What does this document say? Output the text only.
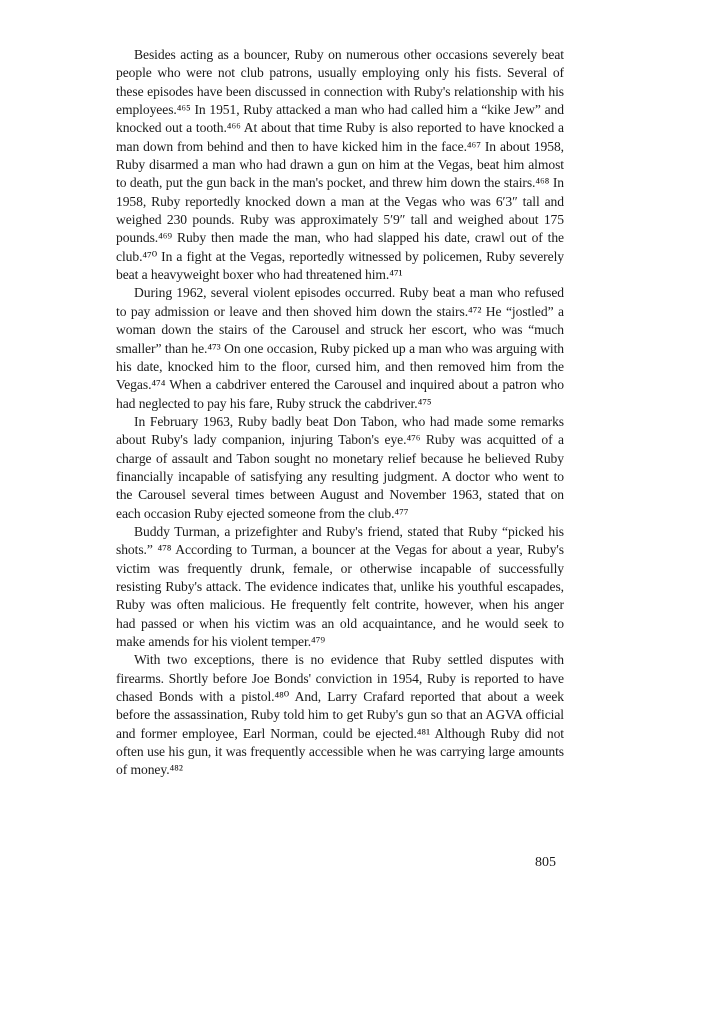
Besides acting as a bouncer, Ruby on numerous other occasions severely beat people who were not club patrons, usually employing only his fists. Several of these episodes have been discussed in connection with Ruby's relationship with his employees.⁴⁶⁵ In 1951, Ruby attacked a man who had called him a “kike Jew” and knocked out a tooth.⁴⁶⁶ At about that time Ruby is also reported to have knocked a man down from behind and then to have kicked him in the face.⁴⁶⁷ In about 1958, Ruby disarmed a man who had drawn a gun on him at the Vegas, beat him almost to death, put the gun back in the man's pocket, and threw him down the stairs.⁴⁶⁸ In 1958, Ruby reportedly knocked down a man at the Vegas who was 6′3″ tall and weighed 230 pounds. Ruby was approximately 5′9″ tall and weighed about 175 pounds.⁴⁶⁹ Ruby then made the man, who had slapped his date, crawl out of the club.⁴⁷⁰ In a fight at the Vegas, reportedly witnessed by policemen, Ruby severely beat a heavyweight boxer who had threatened him.⁴⁷¹

During 1962, several violent episodes occurred. Ruby beat a man who refused to pay admission or leave and then shoved him down the stairs.⁴⁷² He “jostled” a woman down the stairs of the Carousel and struck her escort, who was “much smaller” than he.⁴⁷³ On one occasion, Ruby picked up a man who was arguing with his date, knocked him to the floor, cursed him, and then removed him from the Vegas.⁴⁷⁴ When a cabdriver entered the Carousel and inquired about a patron who had neglected to pay his fare, Ruby struck the cabdriver.⁴⁷⁵

In February 1963, Ruby badly beat Don Tabon, who had made some remarks about Ruby's lady companion, injuring Tabon's eye.⁴⁷⁶ Ruby was acquitted of a charge of assault and Tabon sought no monetary relief because he believed Ruby financially incapable of satisfying any resulting judgment. A doctor who went to the Carousel several times between August and November 1963, stated that on each occasion Ruby ejected someone from the club.⁴⁷⁷

Buddy Turman, a prizefighter and Ruby's friend, stated that Ruby “picked his shots.” ⁴⁷⁸ According to Turman, a bouncer at the Vegas for about a year, Ruby's victim was frequently drunk, female, or otherwise incapable of successfully resisting Ruby's attack. The evidence indicates that, unlike his youthful escapades, Ruby was often malicious. He frequently felt contrite, however, when his anger had passed or when his victim was an old acquaintance, and he would seek to make amends for his violent temper.⁴⁷⁹

With two exceptions, there is no evidence that Ruby settled disputes with firearms. Shortly before Joe Bonds' conviction in 1954, Ruby is reported to have chased Bonds with a pistol.⁴⁸⁰ And, Larry Crafard reported that about a week before the assassination, Ruby told him to get Ruby's gun so that an AGVA official and former employee, Earl Norman, could be ejected.⁴⁸¹ Although Ruby did not often use his gun, it was frequently accessible when he was carrying large amounts of money.⁴⁸²

805
